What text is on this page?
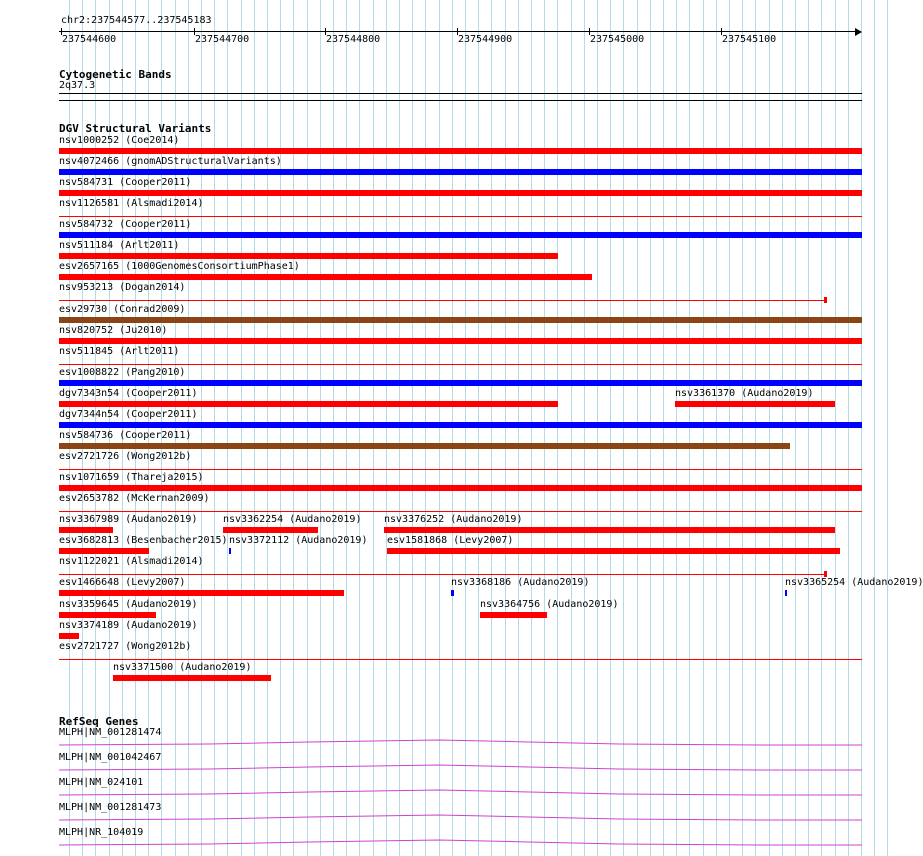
chr2:237544577..237545183
237544600	237544700	237544800	237544900	237545000	237545100
Cytogenetic Bands
2q37.3
DGV Structural Variants
nsv1000252 (Coe2014)
nsv4072466 (gnomADStructuralVariants)
nsv584731 (Cooper2011)
nsv1126581 (Alsmadi2014)
nsv584732 (Cooper2011)
nsv511184 (Arlt2011)
esv2657165 (1000GenomesConsortiumPhase1)
nsv953213 (Dogan2014)
esv29730 (Conrad2009)
nsv820752 (Ju2010)
nsv511845 (Arlt2011)
esv1008822 (Pang2010)
dgv7343n54 (Cooper2011)	nsv3361370 (Audano2019)
dgv7344n54 (Cooper2011)
nsv584736 (Cooper2011)
esv2721726 (Wong2012b)
nsv1071659 (Thareja2015)
esv2653782 (McKernan2009)
nsv3367989 (Audano2019)	nsv3362254 (Audano2019) nsv3376252 (Audano2019)
esv3682813 (Besenbacher2015) nsv3372112 (Audano2019) esv1581868 (Levy2007)
nsv1122021 (Alsmadi2014)
esv1466648 (Levy2007)	nsv3368186 (Audano2019)	nsv3365254 (Audano2019)
nsv3359645 (Audano2019)	nsv3364756 (Audano2019)
nsv3374189 (Audano2019)
esv2721727 (Wong2012b)
nsv3371500 (Audano2019)
RefSeq Genes
MLPH|NM_001281474
MLPH|NM_001042467
MLPH|NM_024101
MLPH|NM_001281473
MLPH|NR_104019
